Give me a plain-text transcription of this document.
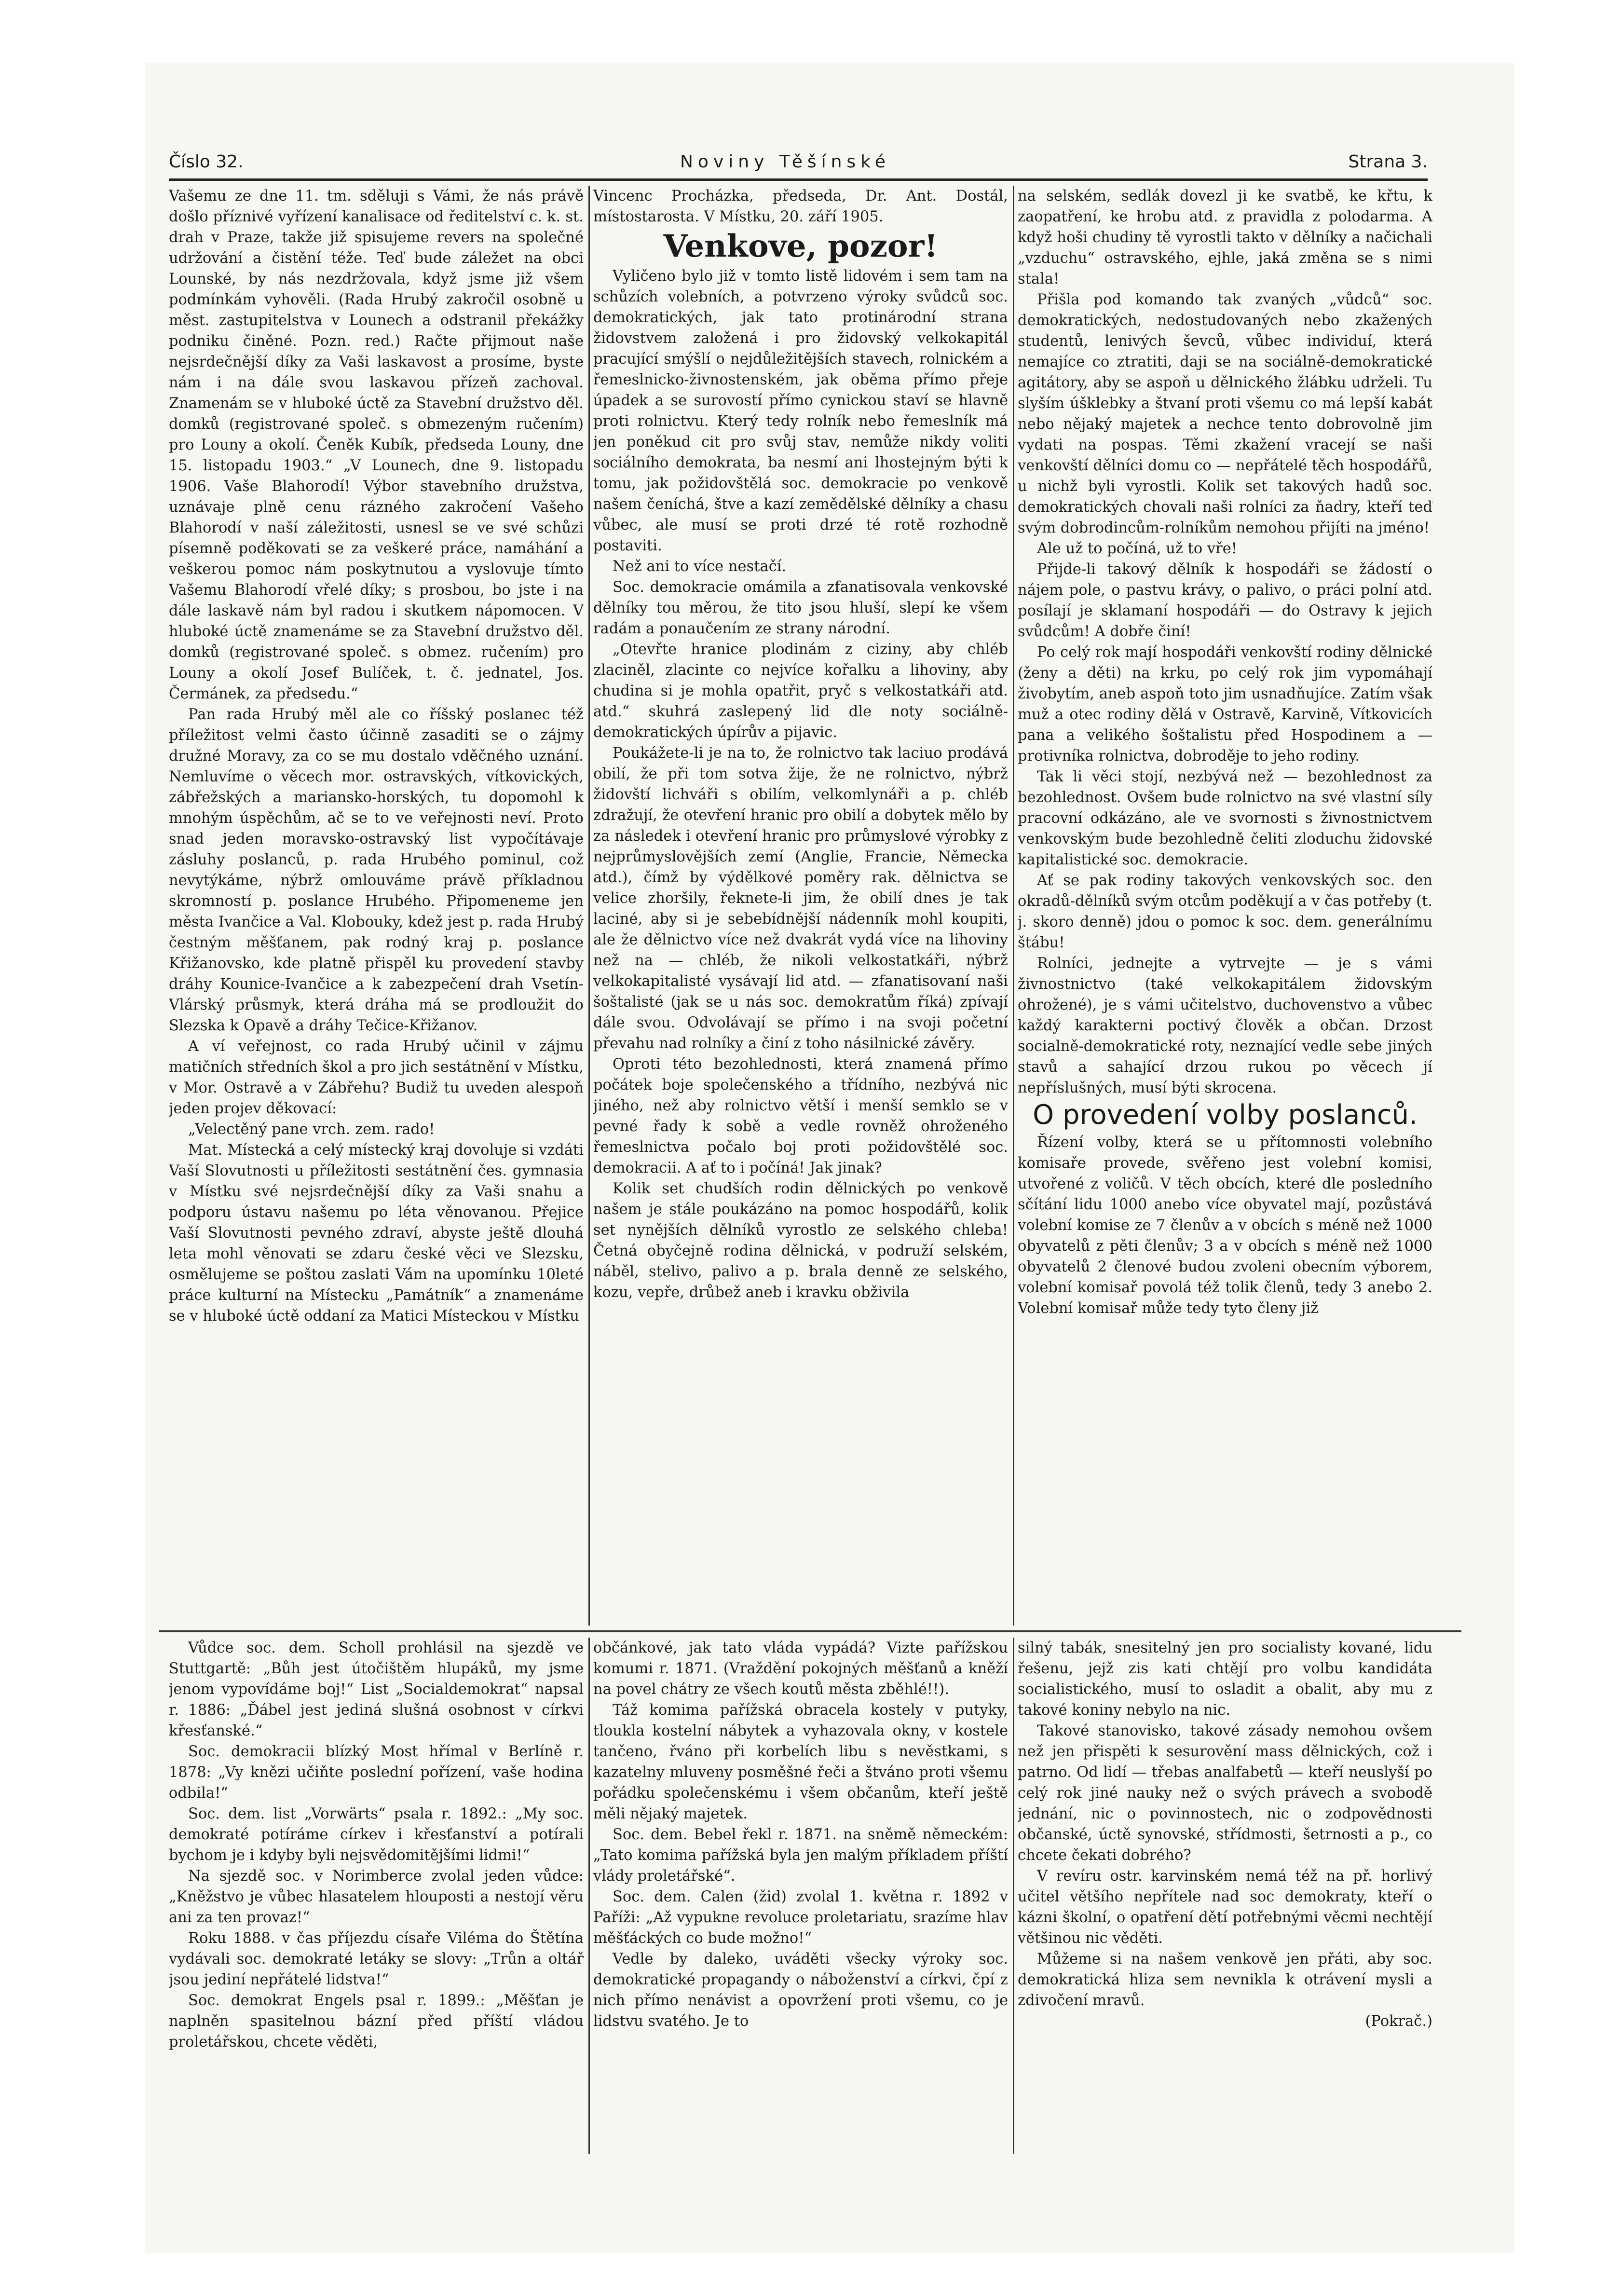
Číslo 32.	Noviny Těšínské	Strana 3.

Vašemu ze dne 11. tm. sděluji s Vámi, že nás právě došlo příznivé vyřízení kanalisace od ředitelství c. k. st. drah v Praze, takže již spisujeme revers na společné udržování a čistění téže. Teď bude záležet na obci Lounské, by nás nezdržovala, když jsme již všem podmínkám vyhověli. (Rada Hrubý zakročil osobně u měst. zastupitelstva v Lounech a odstranil překážky podniku činěné. Pozn. red.) Račte přijmout naše nejsrdečnější díky za Vaši laskavost a prosíme, byste nám i na dále svou laskavou přízeň zachoval. Znamenám se v hluboké úctě za Stavební družstvo děl. domků (registrované společ. s obmezeným ručením) pro Louny a okolí. Čeněk Kubík, předseda Louny, dne 15. listopadu 1903.“ „V Lounech, dne 9. listopadu 1906. Vaše Blahorodí! Výbor stavebního družstva, uznávaje plně cenu rázného zakročení Vašeho Blahorodí v naší záležitosti, usnesl se ve své schůzi písemně poděkovati se za veškeré práce, namáhání a veškerou pomoc nám poskytnutou a vyslovuje tímto Vašemu Blahorodí vřelé díky; s prosbou, bo jste i na dále laskavě nám byl radou i skutkem nápomocen. V hluboké úctě znamenáme se za Stavební družstvo děl. domků (registrované společ. s obmez. ručením) pro Louny a okolí Josef Bulíček, t. č. jednatel, Jos. Čermánek, za předsedu.“

Pan rada Hrubý měl ale co říšský poslanec též příležitost velmi často účinně zasaditi se o zájmy družné Moravy, za co se mu dostalo vděčného uznání. Nemluvíme o věcech mor. ostravských, vítkovických, zábřežských a mariansko-horských, tu dopomohl k mnohým úspěchům, ač se to ve veřejnosti neví. Proto snad jeden moravsko-ostravský list vypočítávaje zásluhy poslanců, p. rada Hrubého pominul, což nevytýkáme, nýbrž omlouváme právě příkladnou skromností p. poslance Hrubého. Připomeneme jen města Ivančice a Val. Klobouky, kdež jest p. rada Hrubý čestným měšťanem, pak rodný kraj p. poslance Křižanovsko, kde platně přispěl ku provedení stavby dráhy Kounice-Ivančice a k zabezpečení drah Vsetín-Vlárský průsmyk, která dráha má se prodloužit do Slezska k Opavě a dráhy Tečice-Křižanov.

A ví veřejnost, co rada Hrubý učinil v zájmu matičních středních škol a pro jich sestátnění v Místku, v Mor. Ostravě a v Zábřehu? Budiž tu uveden alespoň jeden projev děkovací:

„Velectěný pane vrch. zem. rado!

Mat. Místecká a celý místecký kraj dovoluje si vzdáti Vaší Slovutnosti u příležitosti sestátnění čes. gymnasia v Místku své nejsrdečnější díky za Vaši snahu a podporu ústavu našemu po léta věnovanou. Přejice Vaší Slovutnosti pevného zdraví, abyste ještě dlouhá leta mohl věnovati se zdaru české věci ve Slezsku, osmělujeme se poštou zaslati Vám na upomínku 10leté práce kulturní na Místecku „Památník“ a znamenáme se v hluboké úctě oddaní za Matici Místeckou v Místku

Vincenc Procházka, předseda, Dr. Ant. Dostál, místostarosta. V Místku, 20. září 1905.

Venkove, pozor!

Vyličeno bylo již v tomto listě lidovém i sem tam na schůzích volebních, a potvrzeno výroky svůdců soc. demokratických, jak tato protinárodní strana židovstvem založená i pro židovský velkokapitál pracující smýšlí o nejdůležitějších stavech, rolnickém a řemeslnicko-živnostenském, jak oběma přímo přeje úpadek a se surovostí přímo cynickou staví se hlavně proti rolnictvu. Který tedy rolník nebo řemeslník má jen poněkud cit pro svůj stav, nemůže nikdy voliti sociálního demokrata, ba nesmí ani lhostejným býti k tomu, jak požidovštělá soc. demokracie po venkově našem čeníchá, štve a kazí zemědělské dělníky a chasu vůbec, ale musí se proti drzé té rotě rozhodně postaviti.

Než ani to více nestačí.

Soc. demokracie omámila a zfanatisovala venkovské dělníky tou měrou, že tito jsou hluší, slepí ke všem radám a ponaučením ze strany národní.

„Otevřte hranice plodinám z ciziny, aby chléb zlaciněl, zlacinte co nejvíce kořalku a lihoviny, aby chudina si je mohla opatřit, pryč s velkostatkáři atd. atd.“ skuhrá zaslepený lid dle noty sociálně-demokratických úpírův a pijavic.

Poukážete-li je na to, že rolnictvo tak laciuo prodává obilí, že při tom sotva žije, že ne rolnictvo, nýbrž židovští lichváři s obilím, velkomlynáři a p. chléb zdražují, že otevření hranic pro obilí a dobytek mělo by za následek i otevření hranic pro průmyslové výrobky z nejprůmyslovějších zemí (Anglie, Francie, Německa atd.), čímž by výdělkové poměry rak. dělnictva se velice zhoršily, řeknete-li jim, že obilí dnes je tak laciné, aby si je sebebídnější nádenník mohl koupiti, ale že dělnictvo více než dvakrát vydá více na lihoviny než na — chléb, že nikoli velkostatkáři, nýbrž velkokapitalisté vysávají lid atd. — zfanatisovaní naši šoštalisté (jak se u nás soc. demokratům říká) zpívají dále svou. Odvolávají se přímo i na svoji početní převahu nad rolníky a činí z toho násilnické závěry.

Oproti této bezohlednosti, která znamená přímo počátek boje společenského a třídního, nezbývá nic jiného, než aby rolnictvo větší i menší semklo se v pevné řady k sobě a vedle rovněž ohroženého řemeslnictva počalo boj proti požidovštělé soc. demokracii. A ať to i počíná! Jak jinak?

Kolik set chudších rodin dělnických po venkově našem je stále poukázáno na pomoc hospodářů, kolik set nynějších dělníků vyrostlo ze selského chleba! Četná obyčejně rodina dělnická, v podruží selském, náběl, stelivo, palivo a p. brala denně ze selského, kozu, vepře, drůbež aneb i kravku obživila

na selském, sedlák dovezl ji ke svatbě, ke křtu, k zaopatření, ke hrobu atd. z pravidla z polodarma. A když hoši chudiny tě vyrostli takto v dělníky a načichali „vzduchu“ ostravského, ejhle, jaká změna se s nimi stala!

Přišla pod komando tak zvaných „vůdců“ soc. demokratických, nedostudovaných nebo zkažených studentů, lenivých ševců, vůbec individuí, která nemajíce co ztratiti, daji se na sociálně-demokratické agitátory, aby se aspoň u dělnického žlábku udrželi. Tu slyším úšklebky a štvaní proti všemu co má lepší kabát nebo nějaký majetek a nechce tento dobrovolně jim vydati na pospas. Těmi zkažení vracejí se naši venkovští dělníci domu co — nepřátelé těch hospodářů, u nichž byli vyrostli. Kolik set takových hadů soc. demokratických chovali naši rolníci za ňadry, kteří teď svým dobrodincům-rolníkům nemohou přijíti na jméno!

Ale už to počíná, už to vře!

Přijde-li takový dělník k hospodáři se žádostí o nájem pole, o pastvu krávy, o palivo, o práci polní atd. posílají je sklamaní hospodáři — do Ostravy k jejich svůdcům! A dobře činí!

Po celý rok mají hospodáři venkovští rodiny dělnické (ženy a děti) na krku, po celý rok jim vypomáhají živobytím, aneb aspoň toto jim usnadňujíce. Zatím však muž a otec rodiny dělá v Ostravě, Karvině, Vítkovicích pana a velikého šoštalistu před Hospodinem a — protivníka rolnictva, dobroděje to jeho rodiny.

Tak li věci stojí, nezbývá než — bezohlednost za bezohlednost. Ovšem bude rolnictvo na své vlastní síly pracovní odkázáno, ale ve svornosti s živnostnictvem venkovským bude bezohledně čeliti zloduchu židovské kapitalistické soc. demokracie.

Ať se pak rodiny takových venkovských soc. den okradů-dělníků svým otcům poděkují a v čas potřeby (t. j. skoro denně) jdou o pomoc k soc. dem. generálnímu štábu!

Rolníci, jednejte a vytrvejte — je s vámi živnostnictvo (také velkokapitálem židovským ohrožené), je s vámi učitelstvo, duchovenstvo a vůbec každý karakterni poctivý člověk a občan. Drzost socialně-demokratické roty, neznající vedle sebe jiných stavů a sahající drzou rukou po věcech jí nepříslušných, musí býti skrocena.

O provedení volby poslanců.

Řízení volby, která se u přítomnosti volebního komisaře provede, svěřeno jest volební komisi, utvořené z voličů. V těch obcích, které dle posledního sčítání lidu 1000 anebo více obyvatel mají, pozůstává volební komise ze 7 členův a v obcích s méně než 1000 obyvatelů z pěti členův; 3 a v obcích s méně než 1000 obyvatelů 2 členové budou zvoleni obecním výborem, volební komisař povolá též tolik členů, tedy 3 anebo 2. Volební komisař může tedy tyto členy již

Vůdce soc. dem. Scholl prohlásil na sjezdě ve Stuttgartě: „Bůh jest útočištěm hlupáků, my jsme jenom vypovídáme boj!“ List „Socialdemokrat“ napsal r. 1886: „Ďábel jest jediná slušná osobnost v církvi křesťanské.“

Soc. demokracii blízký Most hřímal v Berlíně r. 1878: „Vy knězi učiňte poslední pořízení, vaše hodina odbila!“

Soc. dem. list „Vorwärts“ psala r. 1892.: „My soc. demokraté potíráme církev i křesťanství a potírali bychom je i kdyby byli nejsvědomitějšími lidmi!“

Na sjezdě soc. v Norimberce zvolal jeden vůdce: „Kněžstvo je vůbec hlasatelem hlouposti a nestojí věru ani za ten provaz!“

Roku 1888. v čas příjezdu císaře Viléma do Štětína vydávali soc. demokraté letáky se slovy: „Trůn a oltář jsou jediní nepřátelé lidstva!“

Soc. demokrat Engels psal r. 1899.: „Měšťan je naplněn spasitelnou bázní před příští vládou proletářskou, chcete věděti,

občánkové, jak tato vláda vypádá? Vizte pařížskou komumi r. 1871. (Vraždění pokojných měšťanů a kněží na povel chátry ze všech koutů města zběhlé!!).

Táž komima pařížská obracela kostely v putyky, tlouklа kostelní nábytek a vyhazovala okny, v kostele tančeno, řváno při korbelích libu s nevěstkami, s kazatelny mluveny posměšné řeči a štváno proti všemu pořádku společenskému i všem občanům, kteří ještě měli nějaký majetek.

Soc. dem. Bebel řekl r. 1871. na sněmě německém: „Tato komima pařížská byla jen malým příkladem příští vlády proletářské“.

Soc. dem. Calen (žid) zvolal 1. května r. 1892 v Paříži: „Až vypukne revoluce proletariatu, srazíme hlav měšťáckých co bude možno!“

Vedle by daleko, uváděti všecky výroky soc. demokratické propagandy o náboženství a církvi, čpí z nich přímo nenávist a opovržení proti všemu, co je lidstvu svatého. Je to

silný tabák, snesitelný jen pro socialisty kované, lidu řešenu, jejž zis kati chtějí pro volbu kandidáta socialistického, musí to osladit a obalit, aby mu z takové koniny nebylo na nic.

Takové stanovisko, takové zásady nemohou ovšem než jen přispěti k sesurovění mass dělnických, což i patrno. Od lidí — třebas analfabetů — kteří neuslyší po celý rok jiné nauky než o svých právech a svobodě jednání, nic o povinnostech, nic o zodpovědnosti občanské, úctě synovské, střídmosti, šetrnosti a p., co chcete čekati dobrého?

V revíru ostr. karvinském nemá též na př. horlivý učitel většího nepřítele nad soc demokraty, kteří o kázni školní, o opatření dětí potřebnými věcmi nechtějí většinou nic věděti.

Můžeme si na našem venkově jen přáti, aby soc. demokratická hliza sem nevnikla k otrávení mysli a zdivočení mravů.

(Pokrač.)
